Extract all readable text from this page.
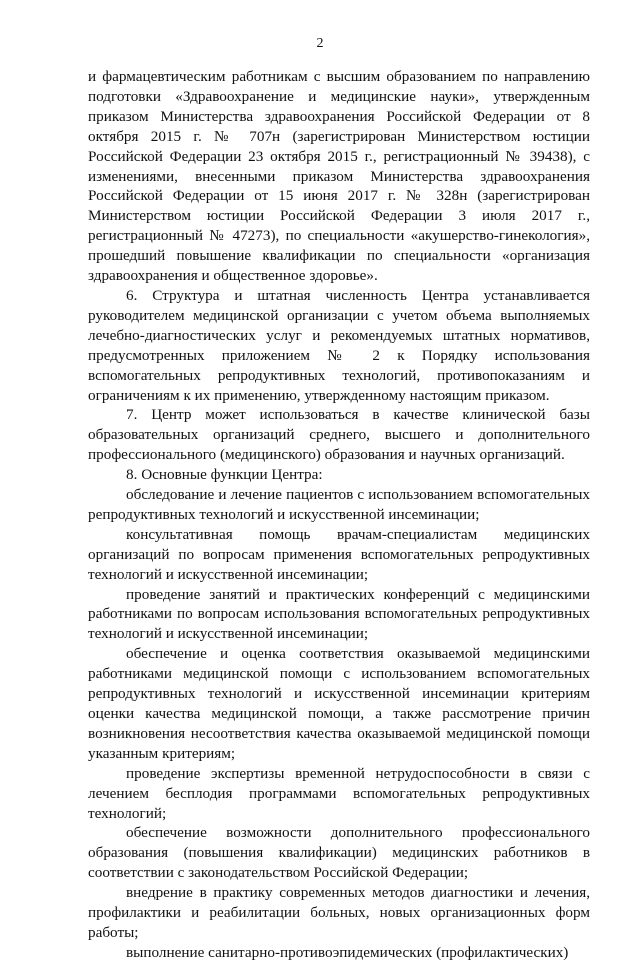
2

и фармацевтическим работникам с высшим образованием по направлению подготовки «Здравоохранение и медицинские науки», утвержденным приказом Министерства здравоохранения Российской Федерации от 8 октября 2015 г. № 707н (зарегистрирован Министерством юстиции Российской Федерации 23 октября 2015 г., регистрационный № 39438), с изменениями, внесенными приказом Министерства здравоохранения Российской Федерации от 15 июня 2017 г. № 328н (зарегистрирован Министерством юстиции Российской Федерации 3 июля 2017 г., регистрационный № 47273), по специальности «акушерство-гинекология», прошедший повышение квалификации по специальности «организация здравоохранения и общественное здоровье».

6. Структура и штатная численность Центра устанавливается руководителем медицинской организации с учетом объема выполняемых лечебно-диагностических услуг и рекомендуемых штатных нормативов, предусмотренных приложением № 2 к Порядку использования вспомогательных репродуктивных технологий, противопоказаниям и ограничениям к их применению, утвержденному настоящим приказом.

7. Центр может использоваться в качестве клинической базы образовательных организаций среднего, высшего и дополнительного профессионального (медицинского) образования и научных организаций.

8. Основные функции Центра:

обследование и лечение пациентов с использованием вспомогательных репродуктивных технологий и искусственной инсеминации;

консультативная помощь врачам-специалистам медицинских организаций по вопросам применения вспомогательных репродуктивных технологий и искусственной инсеминации;

проведение занятий и практических конференций с медицинскими работниками по вопросам использования вспомогательных репродуктивных технологий и искусственной инсеминации;

обеспечение и оценка соответствия оказываемой медицинскими работниками медицинской помощи с использованием вспомогательных репродуктивных технологий и искусственной инсеминации критериям оценки качества медицинской помощи, а также рассмотрение причин возникновения несоответствия качества оказываемой медицинской помощи указанным критериям;

проведение экспертизы временной нетрудоспособности в связи с лечением бесплодия программами вспомогательных репродуктивных технологий;

обеспечение возможности дополнительного профессионального образования (повышения квалификации) медицинских работников в соответствии с законодательством Российской Федерации;

внедрение в практику современных методов диагностики и лечения, профилактики и реабилитации больных, новых организационных форм работы;

выполнение санитарно-противоэпидемических (профилактических)
